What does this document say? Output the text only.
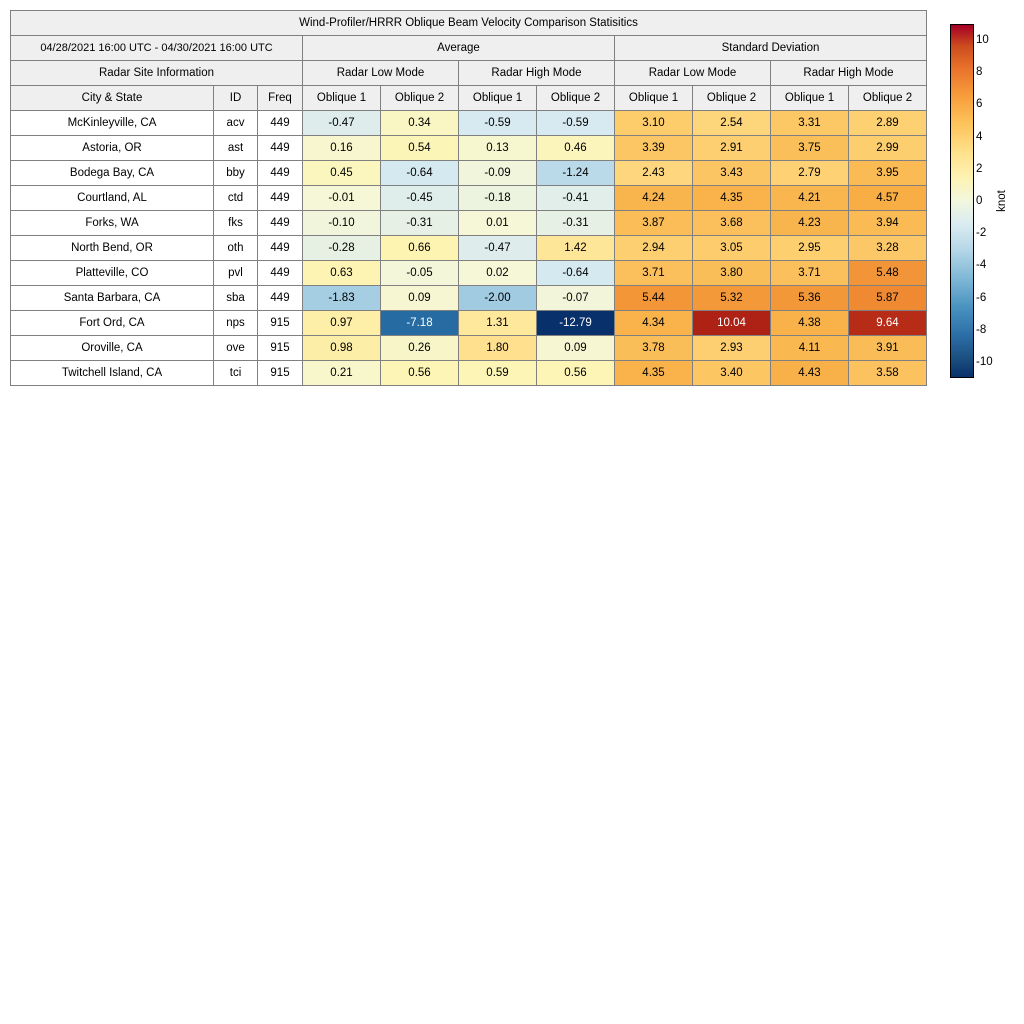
Wind-Profiler/HRRR Oblique Beam Velocity Comparison Statisitics										
04/28/2021 16:00 UTC - 04/30/2021 16:00 UTC			Average				Standard Deviation			
Radar Site Information			Radar Low Mode		Radar High Mode		Radar Low Mode		Radar High Mode	
City & State	ID	Freq	Oblique 1	Oblique 2	Oblique 1	Oblique 2	Oblique 1	Oblique 2	Oblique 1	Oblique 2
McKinleyville, CA	acv	449	-0.47	0.34	-0.59	-0.59	3.10	2.54	3.31	2.89
Astoria, OR	ast	449	0.16	0.54	0.13	0.46	3.39	2.91	3.75	2.99
Bodega Bay, CA	bby	449	0.45	-0.64	-0.09	-1.24	2.43	3.43	2.79	3.95
Courtland, AL	ctd	449	-0.01	-0.45	-0.18	-0.41	4.24	4.35	4.21	4.57
Forks, WA	fks	449	-0.10	-0.31	0.01	-0.31	3.87	3.68	4.23	3.94
North Bend, OR	oth	449	-0.28	0.66	-0.47	1.42	2.94	3.05	2.95	3.28
Platteville, CO	pvl	449	0.63	-0.05	0.02	-0.64	3.71	3.80	3.71	5.48
Santa Barbara, CA	sba	449	-1.83	0.09	-2.00	-0.07	5.44	5.32	5.36	5.87
Fort Ord, CA	nps	915	0.97	-7.18	1.31	-12.79	4.34	10.04	4.38	9.64
Oroville, CA	ove	915	0.98	0.26	1.80	0.09	3.78	2.93	4.11	3.91
Twitchell Island, CA	tci	915	0.21	0.56	0.59	0.56	4.35	3.40	4.43	3.58
10
8
6
4
2
0
-2
-4
-6
-8
-10
knot
